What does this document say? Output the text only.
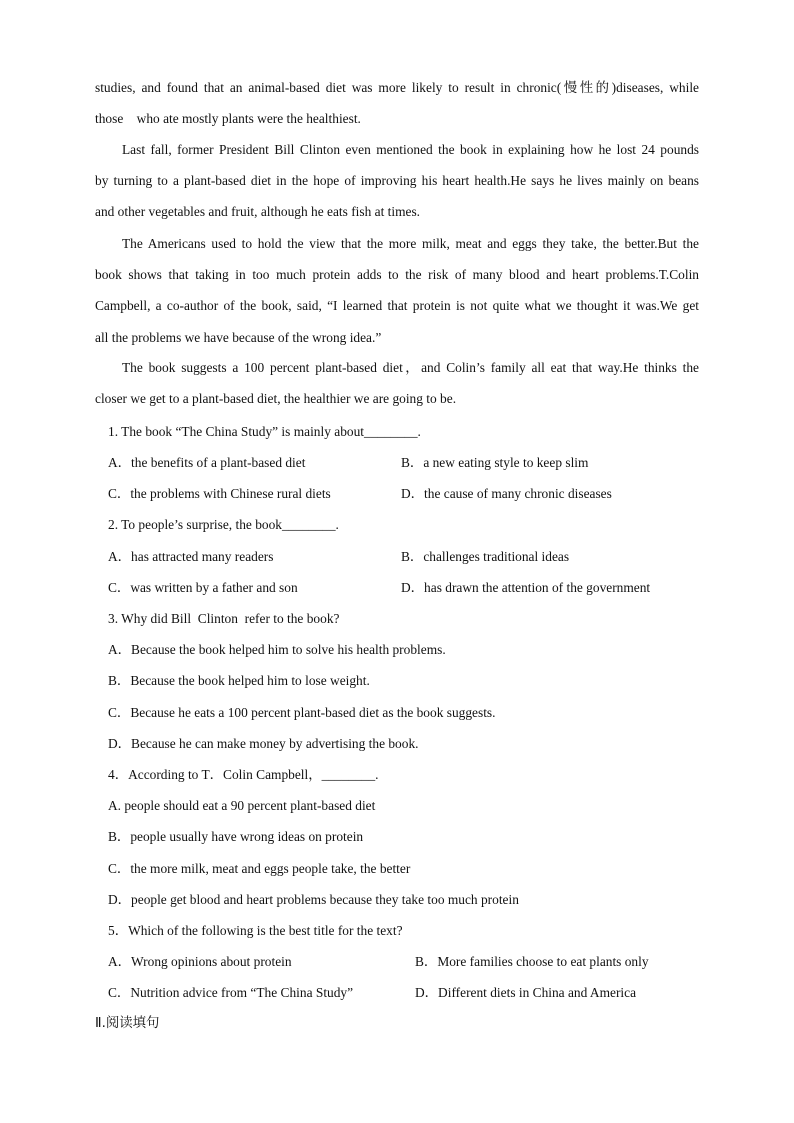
studies, and found that an animal-based diet was more likely to result in chronic(慢性的)diseases, while
those    who ate mostly plants were the healthiest.
Last fall, former President Bill Clinton even mentioned the book in explaining how he lost 24 pounds
by turning to a plant-based diet in the hope of improving his heart health.He says he lives mainly on beans
and other vegetables and fruit, although he eats fish at times.
The Americans used to hold the view that the more milk, meat and eggs they take, the better.But the
book shows that taking in too much protein adds to the risk of many blood and heart problems.T.Colin
Campbell, a co-author of the book, said, “I learned that protein is not quite what we thought it was.We get
all the problems we have because of the wrong idea.”
The book suggests a 100 percent plant-based diet，and Colin’s family all eat that way.He thinks the
closer we get to a plant-based diet, the healthier we are going to be.
1. The book “The China Study” is mainly about________.
A．the benefits of a plant-based diet	B．a new eating style to keep slim
C．the problems with Chinese rural diets	D．the cause of many chronic diseases
2. To people’s surprise, the book________.
A．has attracted many readers	B．challenges traditional ideas
C．was written by a father and son	D．has drawn the attention of the government
3. Why did Bill  Clinton  refer to the book?
A．Because the book helped him to solve his health problems.
B．Because the book helped him to lose weight.
C．Because he eats a 100 percent plant-based diet as the book suggests.
D．Because he can make money by advertising the book.
4．According to T．Colin Campbell，________.
A. people should eat a 90 percent plant-based diet
B．people usually have wrong ideas on protein
C．the more milk, meat and eggs people take, the better
D．people get blood and heart problems because they take too much protein
5．Which of the following is the best title for the text?
A．Wrong opinions about protein	B．More families choose to eat plants only
C．Nutrition advice from “The China Study”	D．Different diets in China and America
Ⅱ.阅读填句
